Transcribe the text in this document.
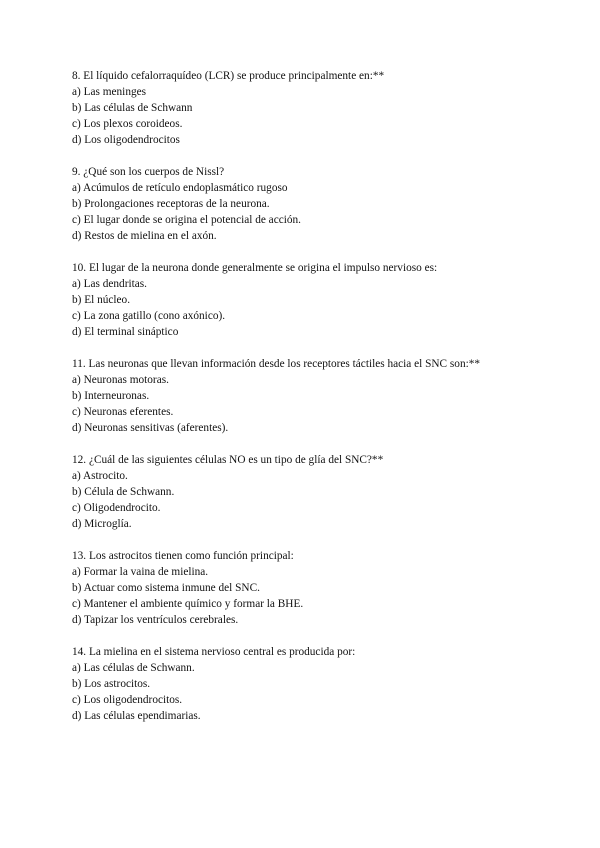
8. El líquido cefalorraquídeo (LCR) se produce principalmente en:**
a) Las meninges
b) Las células de Schwann
c) Los plexos coroideos.
d) Los oligodendrocitos
9. ¿Qué son los cuerpos de Nissl?
a) Acúmulos de retículo endoplasmático rugoso
b) Prolongaciones receptoras de la neurona.
c) El lugar donde se origina el potencial de acción.
d) Restos de mielina en el axón.
10. El lugar de la neurona donde generalmente se origina el impulso nervioso es:
a) Las dendritas.
b) El núcleo.
c) La zona gatillo (cono axónico).
d) El terminal sináptico
11. Las neuronas que llevan información desde los receptores táctiles hacia el SNC son:**
a) Neuronas motoras.
b) Interneuronas.
c) Neuronas eferentes.
d) Neuronas sensitivas (aferentes).
12. ¿Cuál de las siguientes células NO es un tipo de glía del SNC?**
a) Astrocito.
b) Célula de Schwann.
c) Oligodendrocito.
d) Microglía.
13. Los astrocitos tienen como función principal:
a) Formar la vaina de mielina.
b) Actuar como sistema inmune del SNC.
c) Mantener el ambiente químico y formar la BHE.
d) Tapizar los ventrículos cerebrales.
14. La mielina en el sistema nervioso central es producida por:
a) Las células de Schwann.
b) Los astrocitos.
c) Los oligodendrocitos.
d) Las células ependimarias.
